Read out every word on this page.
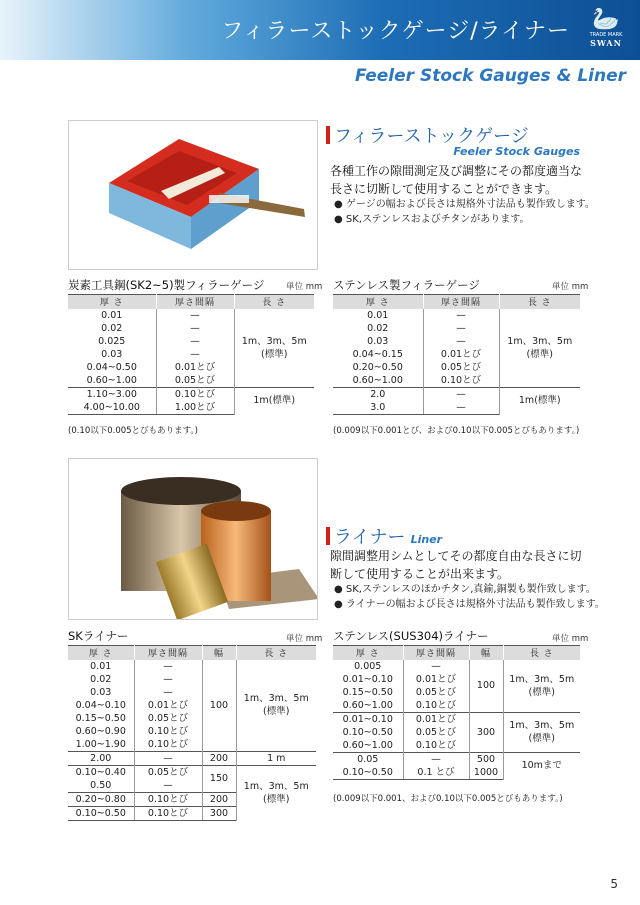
フィラーストックゲージ/ライナー	🦢
TRADE MARK
SWAN
Feeler Stock Gauges & Liner
フィラーストックゲージ
Feeler Stock Gauges
各種工作の隙間測定及び調整にその都度適当な長さに切断して使用することができます。
● ゲージの幅および長さは規格外寸法品も製作致します。
● SK,ステンレスおよびチタンがあります。
炭素工具鋼(SK2~5)製フィラーゲージ	単位 mm
厚 さ	厚さ間隔	長 さ
0.01	—	1m、3m、5m
(標準)
0.02	—	
0.025	—	
0.03	—	
0.04~0.50	0.01とび	
0.60~1.00	0.05とび	
1.10~3.00	0.10とび	1m(標準)
4.00~10.00	1.00とび	
(0.10以下0.005とびもあります。)
ステンレス製フィラーゲージ	単位 mm
厚 さ	厚さ間隔	長 さ
0.01	—	1m、3m、5m
(標準)
0.02	—	
0.03	—	
0.04~0.15	0.01とび	
0.20~0.50	0.05とび	
0.60~1.00	0.10とび	
2.0	—	1m(標準)
3.0	—	
(0.009以下0.001とび、および0.10以下0.005とびもあります。)
ライナー Liner
隙間調整用シムとしてその都度自由な長さに切断して使用することが出来ます。
● SK,ステンレスのほかチタン,真鍮,銅製も製作致します。
● ライナーの幅および長さは規格外寸法品も製作致します。
SKライナー	単位 mm
厚 さ	厚さ間隔	幅	長 さ
0.01	—	100	1m、3m、5m
(標準)
0.02	—		
0.03	—		
0.04~0.10	0.01とび		
0.15~0.50	0.05とび		
0.60~0.90	0.10とび		
1.00~1.90	0.10とび		
2.00	—	200	1 m
0.10~0.40	0.05とび	150	1m、3m、5m
(標準)
0.50	—		
0.20~0.80	0.10とび	200	
0.10~0.50	0.10とび	300	
ステンレス(SUS304)ライナー	単位 mm
厚 さ	厚さ間隔	幅	長 さ
0.005	—	100	1m、3m、5m
(標準)
0.01~0.10	0.01とび		
0.15~0.50	0.05とび		
0.60~1.00	0.10とび		
0.01~0.10	0.01とび	300	1m、3m、5m
(標準)
0.10~0.50	0.05とび		
0.60~1.00	0.10とび		
0.05	—	500	10mまで
0.10~0.50	0.1 とび	1000	
(0.009以下0.001、および0.10以下0.005とびもあります。)
5
